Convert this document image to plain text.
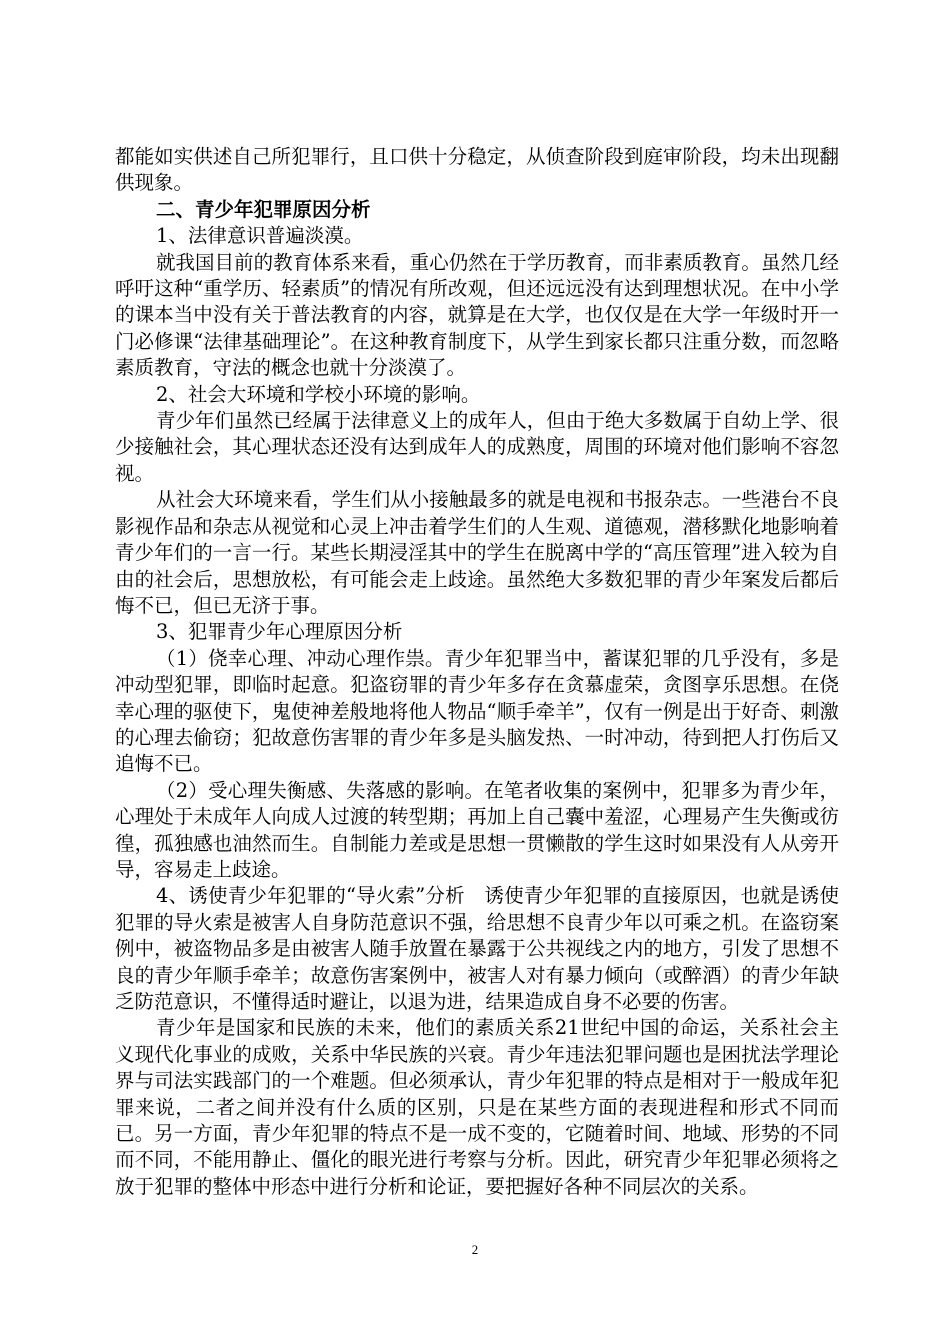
都能如实供述自己所犯罪行，且口供十分稳定，从侦查阶段到庭审阶段，均未出现翻供现象。

二、青少年犯罪原因分析

1、法律意识普遍淡漠。

就我国目前的教育体系来看，重心仍然在于学历教育，而非素质教育。虽然几经呼吁这种“重学历、轻素质”的情况有所改观，但还远远没有达到理想状况。在中小学的课本当中没有关于普法教育的内容，就算是在大学，也仅仅是在大学一年级时开一门必修课“法律基础理论”。在这种教育制度下，从学生到家长都只注重分数，而忽略素质教育，守法的概念也就十分淡漠了。

2、社会大环境和学校小环境的影响。

青少年们虽然已经属于法律意义上的成年人，但由于绝大多数属于自幼上学、很少接触社会，其心理状态还没有达到成年人的成熟度，周围的环境对他们影响不容忽视。

从社会大环境来看，学生们从小接触最多的就是电视和书报杂志。一些港台不良影视作品和杂志从视觉和心灵上冲击着学生们的人生观、道德观，潜移默化地影响着青少年们的一言一行。某些长期浸淫其中的学生在脱离中学的“高压管理”进入较为自由的社会后，思想放松，有可能会走上歧途。虽然绝大多数犯罪的青少年案发后都后悔不已，但已无济于事。

3、犯罪青少年心理原因分析

（1）侥幸心理、冲动心理作祟。青少年犯罪当中，蓄谋犯罪的几乎没有，多是冲动型犯罪，即临时起意。犯盗窃罪的青少年多存在贪慕虚荣，贪图享乐思想。在侥幸心理的驱使下，鬼使神差般地将他人物品“顺手牵羊”，仅有一例是出于好奇、刺激的心理去偷窃；犯故意伤害罪的青少年多是头脑发热、一时冲动，待到把人打伤后又追悔不已。

（2）受心理失衡感、失落感的影响。在笔者收集的案例中，犯罪多为青少年，心理处于未成年人向成人过渡的转型期；再加上自己囊中羞涩，心理易产生失衡或彷徨，孤独感也油然而生。自制能力差或是思想一贯懒散的学生这时如果没有人从旁开导，容易走上歧途。

4、诱使青少年犯罪的“导火索”分析　诱使青少年犯罪的直接原因，也就是诱使犯罪的导火索是被害人自身防范意识不强，给思想不良青少年以可乘之机。在盗窃案例中，被盗物品多是由被害人随手放置在暴露于公共视线之内的地方，引发了思想不良的青少年顺手牵羊；故意伤害案例中，被害人对有暴力倾向（或醉酒）的青少年缺乏防范意识，不懂得适时避让，以退为进，结果造成自身不必要的伤害。

青少年是国家和民族的未来，他们的素质关系21世纪中国的命运，关系社会主义现代化事业的成败，关系中华民族的兴衰。青少年违法犯罪问题也是困扰法学理论界与司法实践部门的一个难题。但必须承认，青少年犯罪的特点是相对于一般成年犯罪来说，二者之间并没有什么质的区别，只是在某些方面的表现进程和形式不同而已。另一方面，青少年犯罪的特点不是一成不变的，它随着时间、地域、形势的不同而不同，不能用静止、僵化的眼光进行考察与分析。因此，研究青少年犯罪必须将之放于犯罪的整体中形态中进行分析和论证，要把握好各种不同层次的关系。

2
